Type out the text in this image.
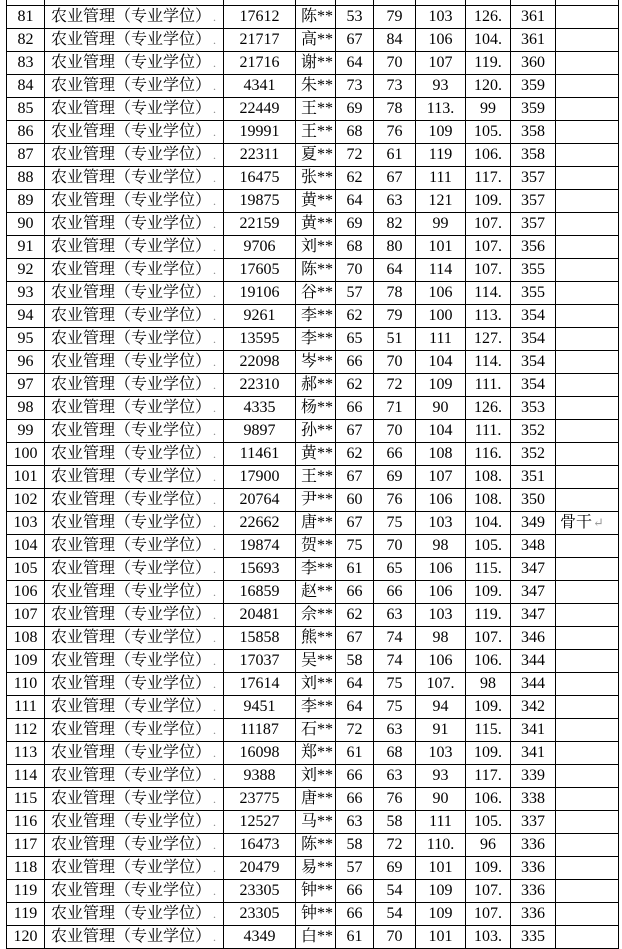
81	农业管理（专业学位） .	17612	陈**	53	79	103	126.	361	
82	农业管理（专业学位） .	21717	高**	67	84	106	104.	361	
83	农业管理（专业学位） .	21716	谢**	64	70	107	119.	360	
84	农业管理（专业学位） .	4341	朱**	73	73	93	120.	359	
85	农业管理（专业学位） .	22449	王**	69	78	113.	99	359	
86	农业管理（专业学位） .	19991	王**	68	76	109	105.	358	
87	农业管理（专业学位） .	22311	夏**	72	61	119	106.	358	
88	农业管理（专业学位） .	16475	张**	62	67	111	117.	357	
89	农业管理（专业学位） .	19875	黄**	64	63	121	109.	357	
90	农业管理（专业学位） .	22159	黄**	69	82	99	107.	357	
91	农业管理（专业学位） .	9706	刘**	68	80	101	107.	356	
92	农业管理（专业学位） .	17605	陈**	70	64	114	107.	355	
93	农业管理（专业学位） .	19106	谷**	57	78	106	114.	355	
94	农业管理（专业学位） .	9261	李**	62	79	100	113.	354	
95	农业管理（专业学位） .	13595	李**	65	51	111	127.	354	
96	农业管理（专业学位） .	22098	岑**	66	70	104	114.	354	
97	农业管理（专业学位） .	22310	郝**	62	72	109	111.	354	
98	农业管理（专业学位） .	4335	杨**	66	71	90	126.	353	
99	农业管理（专业学位） .	9897	孙**	67	70	104	111.	352	
100	农业管理（专业学位） .	11461	黄**	62	66	108	116.	352	
101	农业管理（专业学位） .	17900	王**	67	69	107	108.	351	
102	农业管理（专业学位） .	20764	尹**	60	76	106	108.	350	
103	农业管理（专业学位） .	22662	唐**	67	75	103	104.	349	骨干↵
104	农业管理（专业学位） .	19874	贺**	75	70	98	105.	348	
105	农业管理（专业学位） .	15693	李**	61	65	106	115.	347	
106	农业管理（专业学位） .	16859	赵**	66	66	106	109.	347	
107	农业管理（专业学位） .	20481	佘**	62	63	103	119.	347	
108	农业管理（专业学位） .	15858	熊**	67	74	98	107.	346	
109	农业管理（专业学位） .	17037	吴**	58	74	106	106.	344	
110	农业管理（专业学位） .	17614	刘**	64	75	107.	98	344	
111	农业管理（专业学位） .	9451	李**	64	75	94	109.	342	
112	农业管理（专业学位） .	11187	石**	72	63	91	115.	341	
113	农业管理（专业学位） .	16098	郑**	61	68	103	109.	341	
114	农业管理（专业学位） .	9388	刘**	66	63	93	117.	339	
115	农业管理（专业学位） .	23775	唐**	66	76	90	106.	338	
116	农业管理（专业学位） .	12527	马**	63	58	111	105.	337	
117	农业管理（专业学位） .	16473	陈**	58	72	110.	96	336	
118	农业管理（专业学位） .	20479	易**	57	69	101	109.	336	
119	农业管理（专业学位） .	23305	钟**	66	54	109	107.	336	
119	农业管理（专业学位） .	23305	钟**	66	54	109	107.	336	
120	农业管理（专业学位） .	4349	白**	61	70	101	103.	335	
